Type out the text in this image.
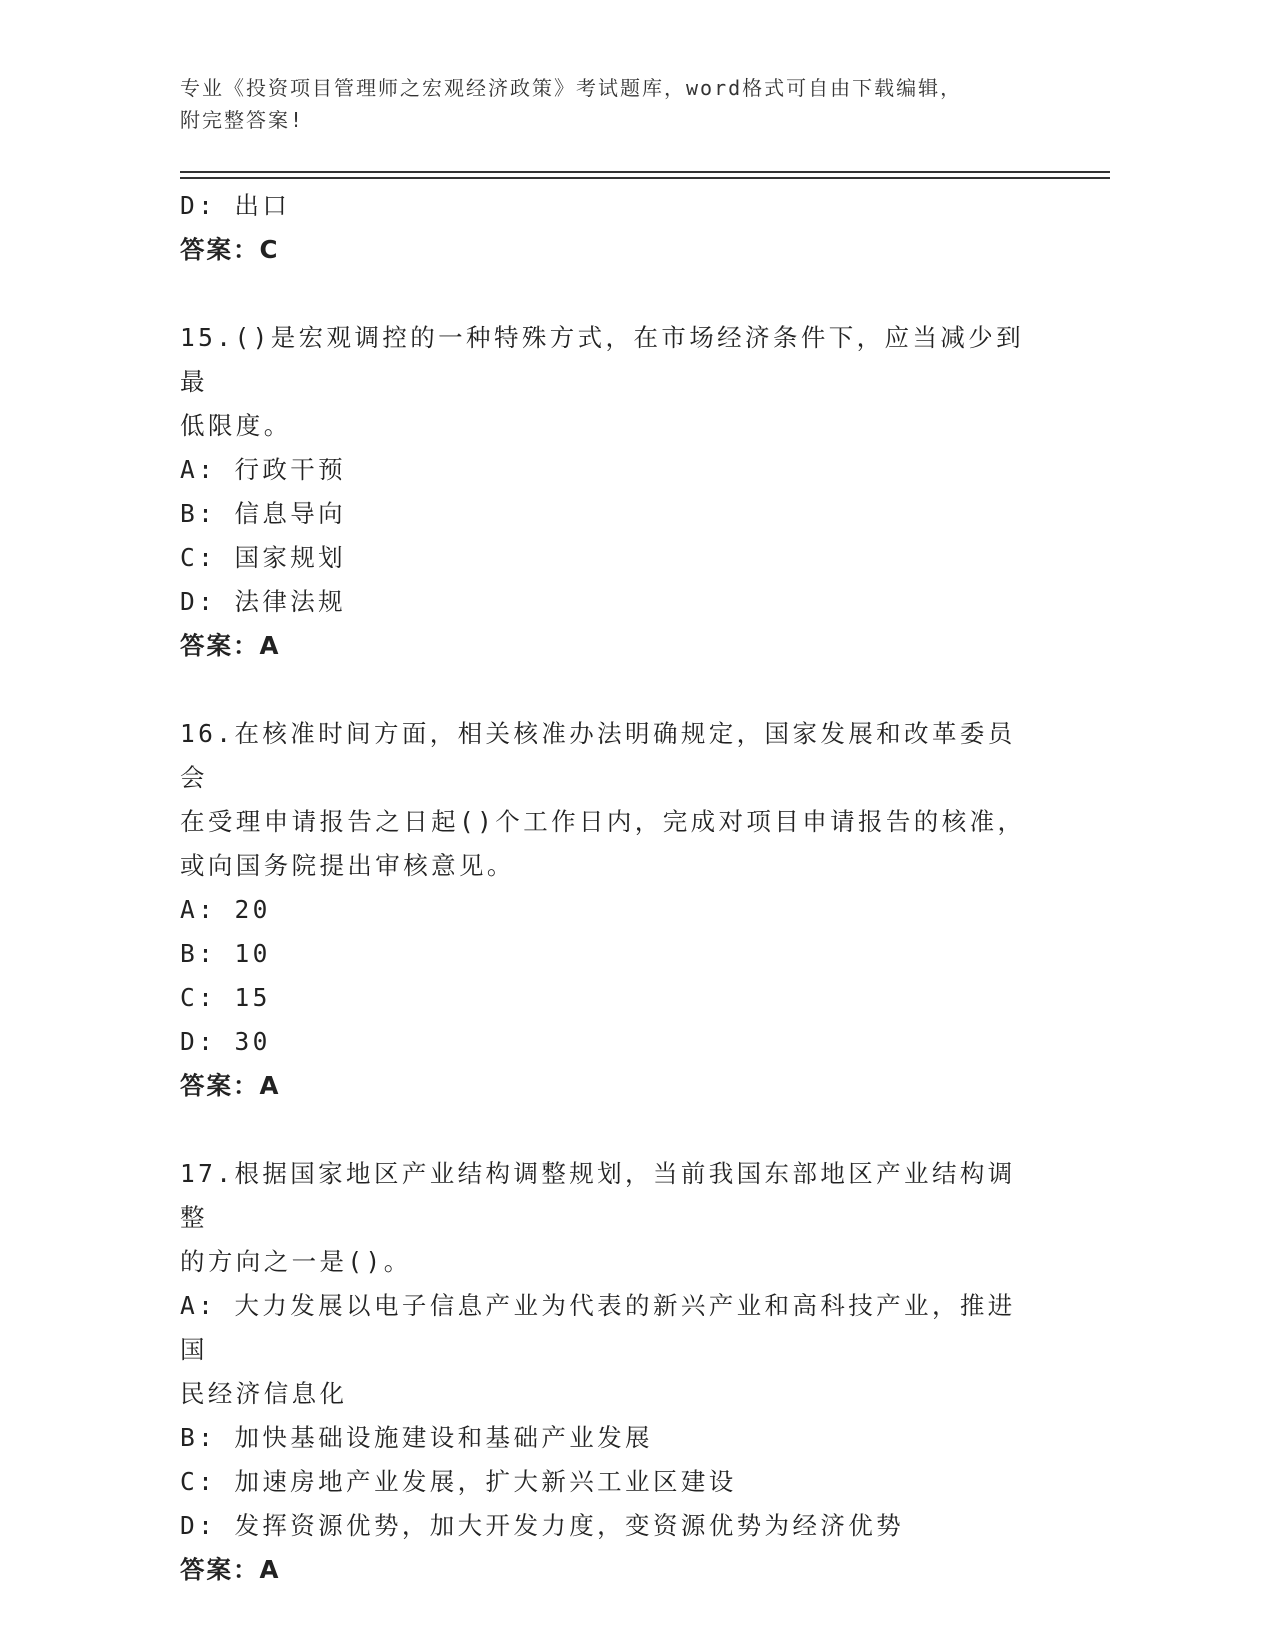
专业《投资项目管理师之宏观经济政策》考试题库，word格式可自由下载编辑，
附完整答案!
D: 出口
答案：C
15.()是宏观调控的一种特殊方式，在市场经济条件下，应当减少到最
低限度。
A: 行政干预
B: 信息导向
C: 国家规划
D: 法律法规
答案：A
16.在核准时间方面，相关核准办法明确规定，国家发展和改革委员会
在受理申请报告之日起()个工作日内，完成对项目申请报告的核准，
或向国务院提出审核意见。
A: 20
B: 10
C: 15
D: 30
答案：A
17.根据国家地区产业结构调整规划，当前我国东部地区产业结构调整
的方向之一是()。
A: 大力发展以电子信息产业为代表的新兴产业和高科技产业，推进国
民经济信息化
B: 加快基础设施建设和基础产业发展
C: 加速房地产业发展，扩大新兴工业区建设
D: 发挥资源优势，加大开发力度，变资源优势为经济优势
答案：A
